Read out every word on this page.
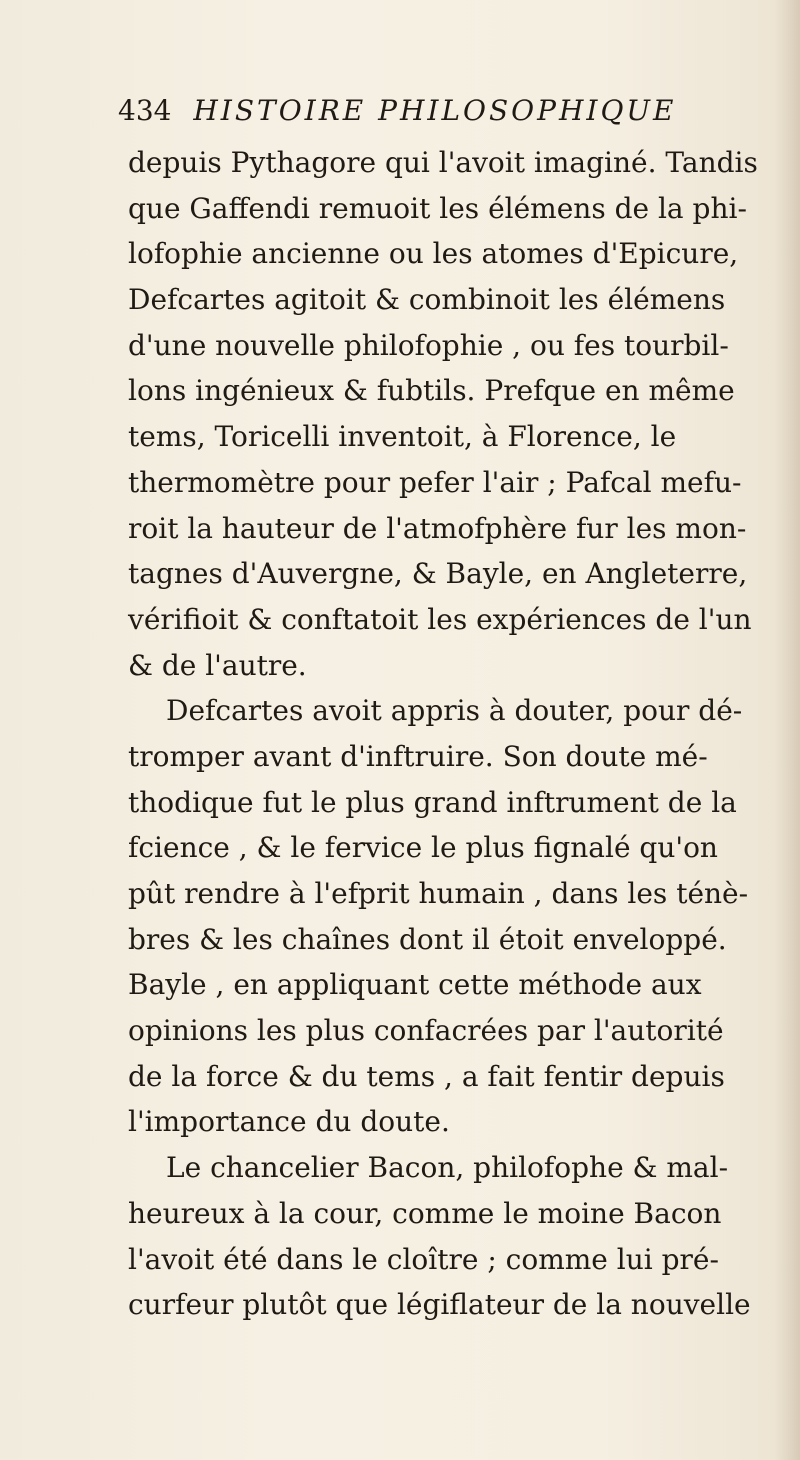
434 HISTOIRE PHILOSOPHIQUE
depuis Pythagore qui l'avoit imaginé. Tandis
que Gaffendi remuoit les élémens de la phi-
lofophie ancienne ou les atomes d'Epicure,
Defcartes agitoit & combinoit les élémens
d'une nouvelle philofophie , ou fes tourbil-
lons ingénieux & fubtils. Prefque en même
tems, Toricelli inventoit, à Florence, le
thermomètre pour pefer l'air ; Pafcal mefu-
roit la hauteur de l'atmofphère fur les mon-
tagnes d'Auvergne, & Bayle, en Angleterre,
vérifioit & conftatoit les expériences de l'un
& de l'autre.
Defcartes avoit appris à douter, pour dé-
tromper avant d'inftruire. Son doute mé-
thodique fut le plus grand inftrument de la
fcience , & le fervice le plus fignalé qu'on
pût rendre à l'efprit humain , dans les ténè-
bres & les chaînes dont il étoit enveloppé.
Bayle , en appliquant cette méthode aux
opinions les plus confacrées par l'autorité
de la force & du tems , a fait fentir depuis
l'importance du doute.
Le chancelier Bacon, philofophe & mal-
heureux à la cour, comme le moine Bacon
l'avoit été dans le cloître ; comme lui pré-
curfeur plutôt que légiflateur de la nouvelle
